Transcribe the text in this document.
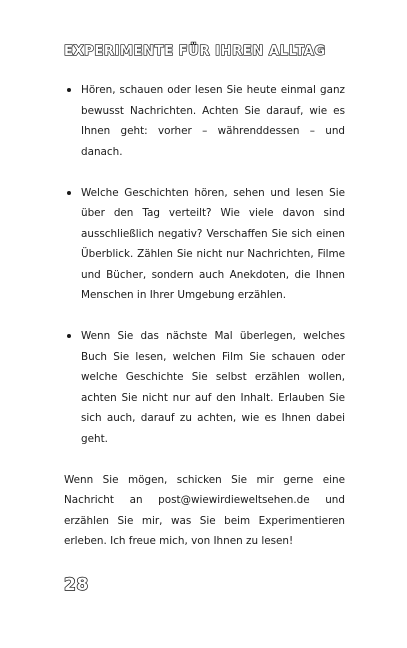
EXPERIMENTE FÜR IHREN ALLTAG
Hören, schauen oder lesen Sie heute einmal ganz bewusst Nachrichten. Achten Sie darauf, wie es Ihnen geht: vorher – währenddessen – und danach.
Welche Geschichten hören, sehen und lesen Sie über den Tag verteilt? Wie viele davon sind ausschließlich negativ? Verschaffen Sie sich einen Überblick. Zählen Sie nicht nur Nachrichten, Filme und Bücher, sondern auch Anekdoten, die Ihnen Menschen in Ihrer Umgebung erzählen.
Wenn Sie das nächste Mal überlegen, welches Buch Sie lesen, welchen Film Sie schauen oder welche Geschichte Sie selbst erzählen wollen, achten Sie nicht nur auf den Inhalt. Erlauben Sie sich auch, darauf zu achten, wie es Ihnen dabei geht.

Wenn Sie mögen, schicken Sie mir gerne eine Nachricht an post@wiewirdieweltsehen.de und erzählen Sie mir, was Sie beim Experimentieren erleben. Ich freue mich, von Ihnen zu lesen!

28
